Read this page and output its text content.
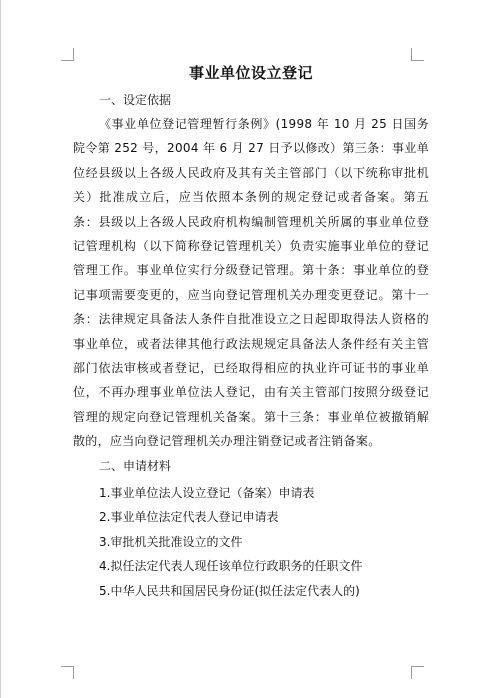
事业单位设立登记

一、设定依据

《事业单位登记管理暂行条例》(1998 年 10 月 25 日国务院令第 252 号，2004 年 6 月 27 日予以修改）第三条：事业单位经县级以上各级人民政府及其有关主管部门（以下统称审批机关）批准成立后，应当依照本条例的规定登记或者备案。第五条：县级以上各级人民政府机构编制管理机关所属的事业单位登记管理机构（以下简称登记管理机关）负责实施事业单位的登记管理工作。事业单位实行分级登记管理。第十条：事业单位的登记事项需要变更的，应当向登记管理机关办理变更登记。第十一条：法律规定具备法人条件自批准设立之日起即取得法人资格的事业单位，或者法律其他行政法规规定具备法人条件经有关主管部门依法审核或者登记，已经取得相应的执业许可证书的事业单位，不再办理事业单位法人登记，由有关主管部门按照分级登记管理的规定向登记管理机关备案。第十三条：事业单位被撤销解散的，应当向登记管理机关办理注销登记或者注销备案。

二、申请材料

1.事业单位法人设立登记（备案）申请表
2.事业单位法定代表人登记申请表
3.审批机关批准设立的文件
4.拟任法定代表人现任该单位行政职务的任职文件
5.中华人民共和国居民身份证(拟任法定代表人的)
